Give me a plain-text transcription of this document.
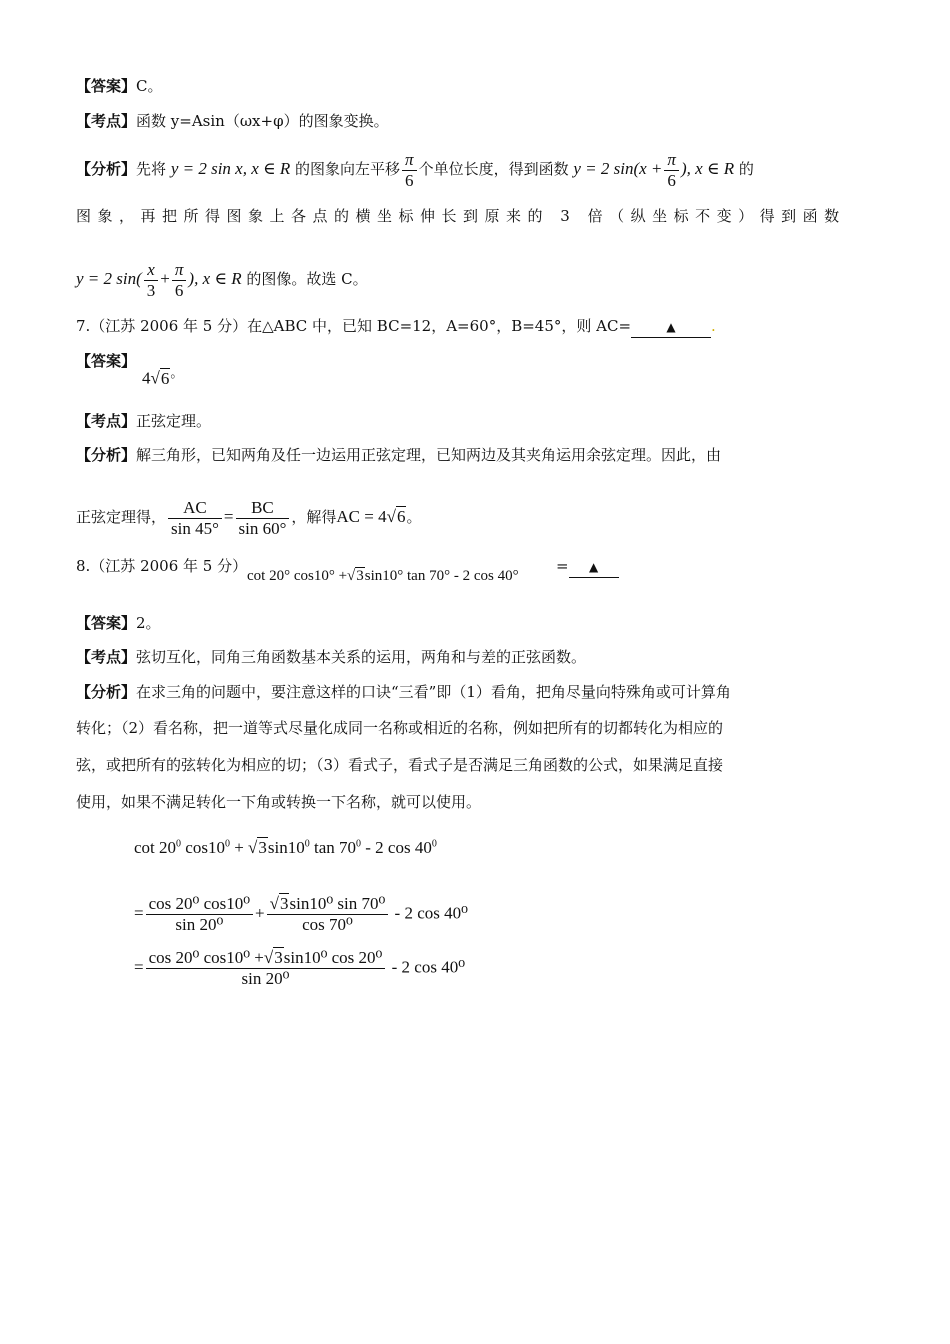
【答案】C。
【考点】函数 y=Asin（ωx+φ）的图象变换。
【分析】先将 y = 2 sin x, x ∈ R 的图象向左平移 $\frac{\pi}{6}$ 个单位长度，得到函数 y = 2 $\sin(x + \frac{\pi}{6}$ ), x ∈ R 的
图象，再把所得图象上各点的横坐标伸长到原来的 3 倍（纵坐标不变）得到函数
y = 2 $\sin( \frac{x}{3} + \frac{\pi}{6}$ ), x ∈ R 的图像。故选 C。
7.（江苏 2006 年 5 分）在△ABC 中，已知 BC=12，A=60°，B=45°，则 AC=	▲ .
【答案】
4√6。
【考点】正弦定理。
【分析】解三角形，已知两角及任一边运用正弦定理，已知两边及其夹角运用余弦定理。因此，由
正弦定理得， $\frac{AC}{\sin 45^\circ} = \frac{BC}{\sin 60^\circ}$ ，解得AC = 4√6。
8.（江苏 2006 年 5 分）
cot 20° cos10° +√3sin10° tan 70° - 2 cos 40°
= ▲
【答案】2。
【考点】弦切互化，同角三角函数基本关系的运用，两角和与差的正弦函数。
【分析】在求三角的问题中，要注意这样的口诀“三看”即（1）看角，把角尽量向特殊角或可计算角
转化；（2）看名称，把一道等式尽量化成同一名称或相近的名称，例如把所有的切都转化为相应的
弦，或把所有的弦转化为相应的切；（3）看式子，看式子是否满足三角函数的公式，如果满足直接
使用，如果不满足转化一下角或转换一下名称，就可以使用。
$\cot 20^0$ $\cos 10^0 + √3\sin 10^0$ $\tan 70^0 - 2$ $\cos 40^0$
= $\frac{\text{cos 20⁰ cos10⁰}}{\text{sin 20⁰}} + \frac{\text{√3sin10⁰ sin 70⁰}}{\text{cos 70⁰}} - 2$ cos 40⁰
= $\frac{\text{cos 20⁰ cos10⁰ +√3sin10⁰ cos 20⁰}}{\text{sin 20⁰}} - 2$ cos 40⁰
